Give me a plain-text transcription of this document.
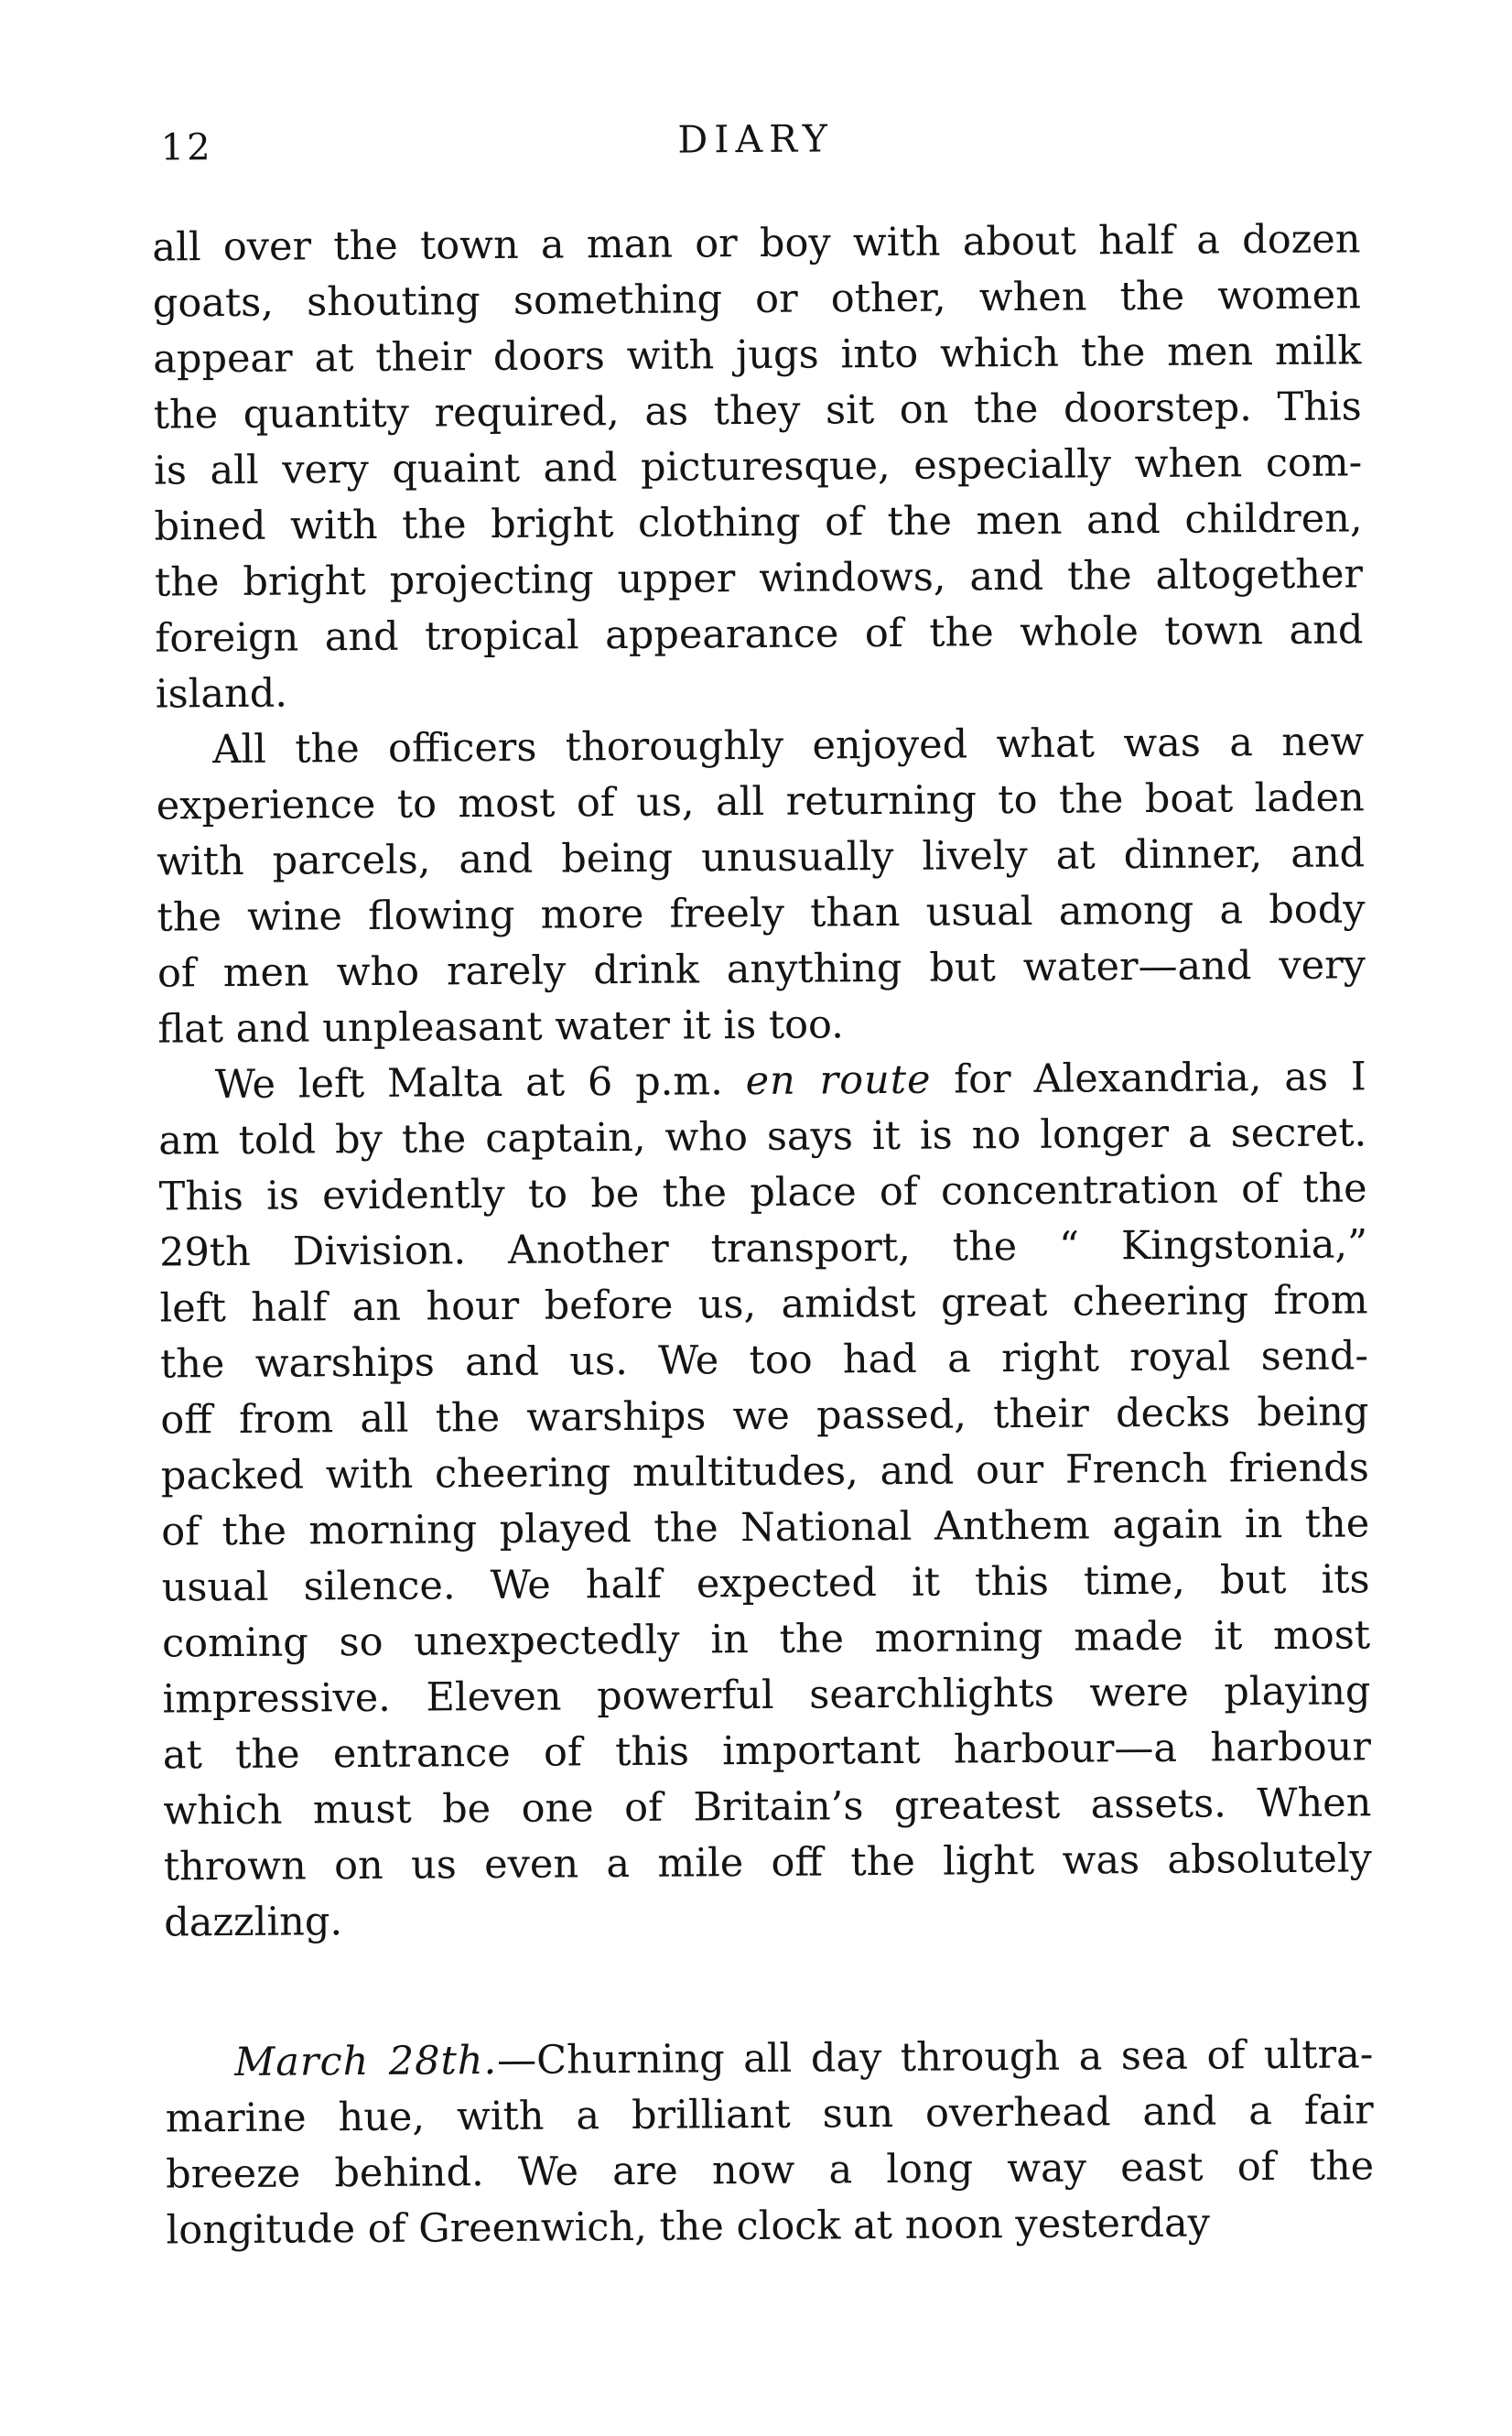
12	DIARY
all over the town a man or boy with about half a dozen
goats, shouting something or other, when the women
appear at their doors with jugs into which the men milk
the quantity required, as they sit on the doorstep. This
is all very quaint and picturesque, especially when com-
bined with the bright clothing of the men and children,
the bright projecting upper windows, and the altogether
foreign and tropical appearance of the whole town and
island.
All the officers thoroughly enjoyed what was a new
experience to most of us, all returning to the boat laden
with parcels, and being unusually lively at dinner, and
the wine flowing more freely than usual among a body
of men who rarely drink anything but water—and very
flat and unpleasant water it is too.
We left Malta at 6 p.m. en route for Alexandria, as I
am told by the captain, who says it is no longer a secret.
This is evidently to be the place of concentration of the
29th Division. Another transport, the “ Kingstonia,”
left half an hour before us, amidst great cheering from
the warships and us. We too had a right royal send-
off from all the warships we passed, their decks being
packed with cheering multitudes, and our French friends
of the morning played the National Anthem again in the
usual silence. We half expected it this time, but its
coming so unexpectedly in the morning made it most
impressive. Eleven powerful searchlights were playing
at the entrance of this important harbour—a harbour
which must be one of Britain’s greatest assets. When
thrown on us even a mile off the light was absolutely
dazzling.
March 28th.—Churning all day through a sea of ultra-
marine hue, with a brilliant sun overhead and a fair
breeze behind. We are now a long way east of the
longitude of Greenwich, the clock at noon yesterday
